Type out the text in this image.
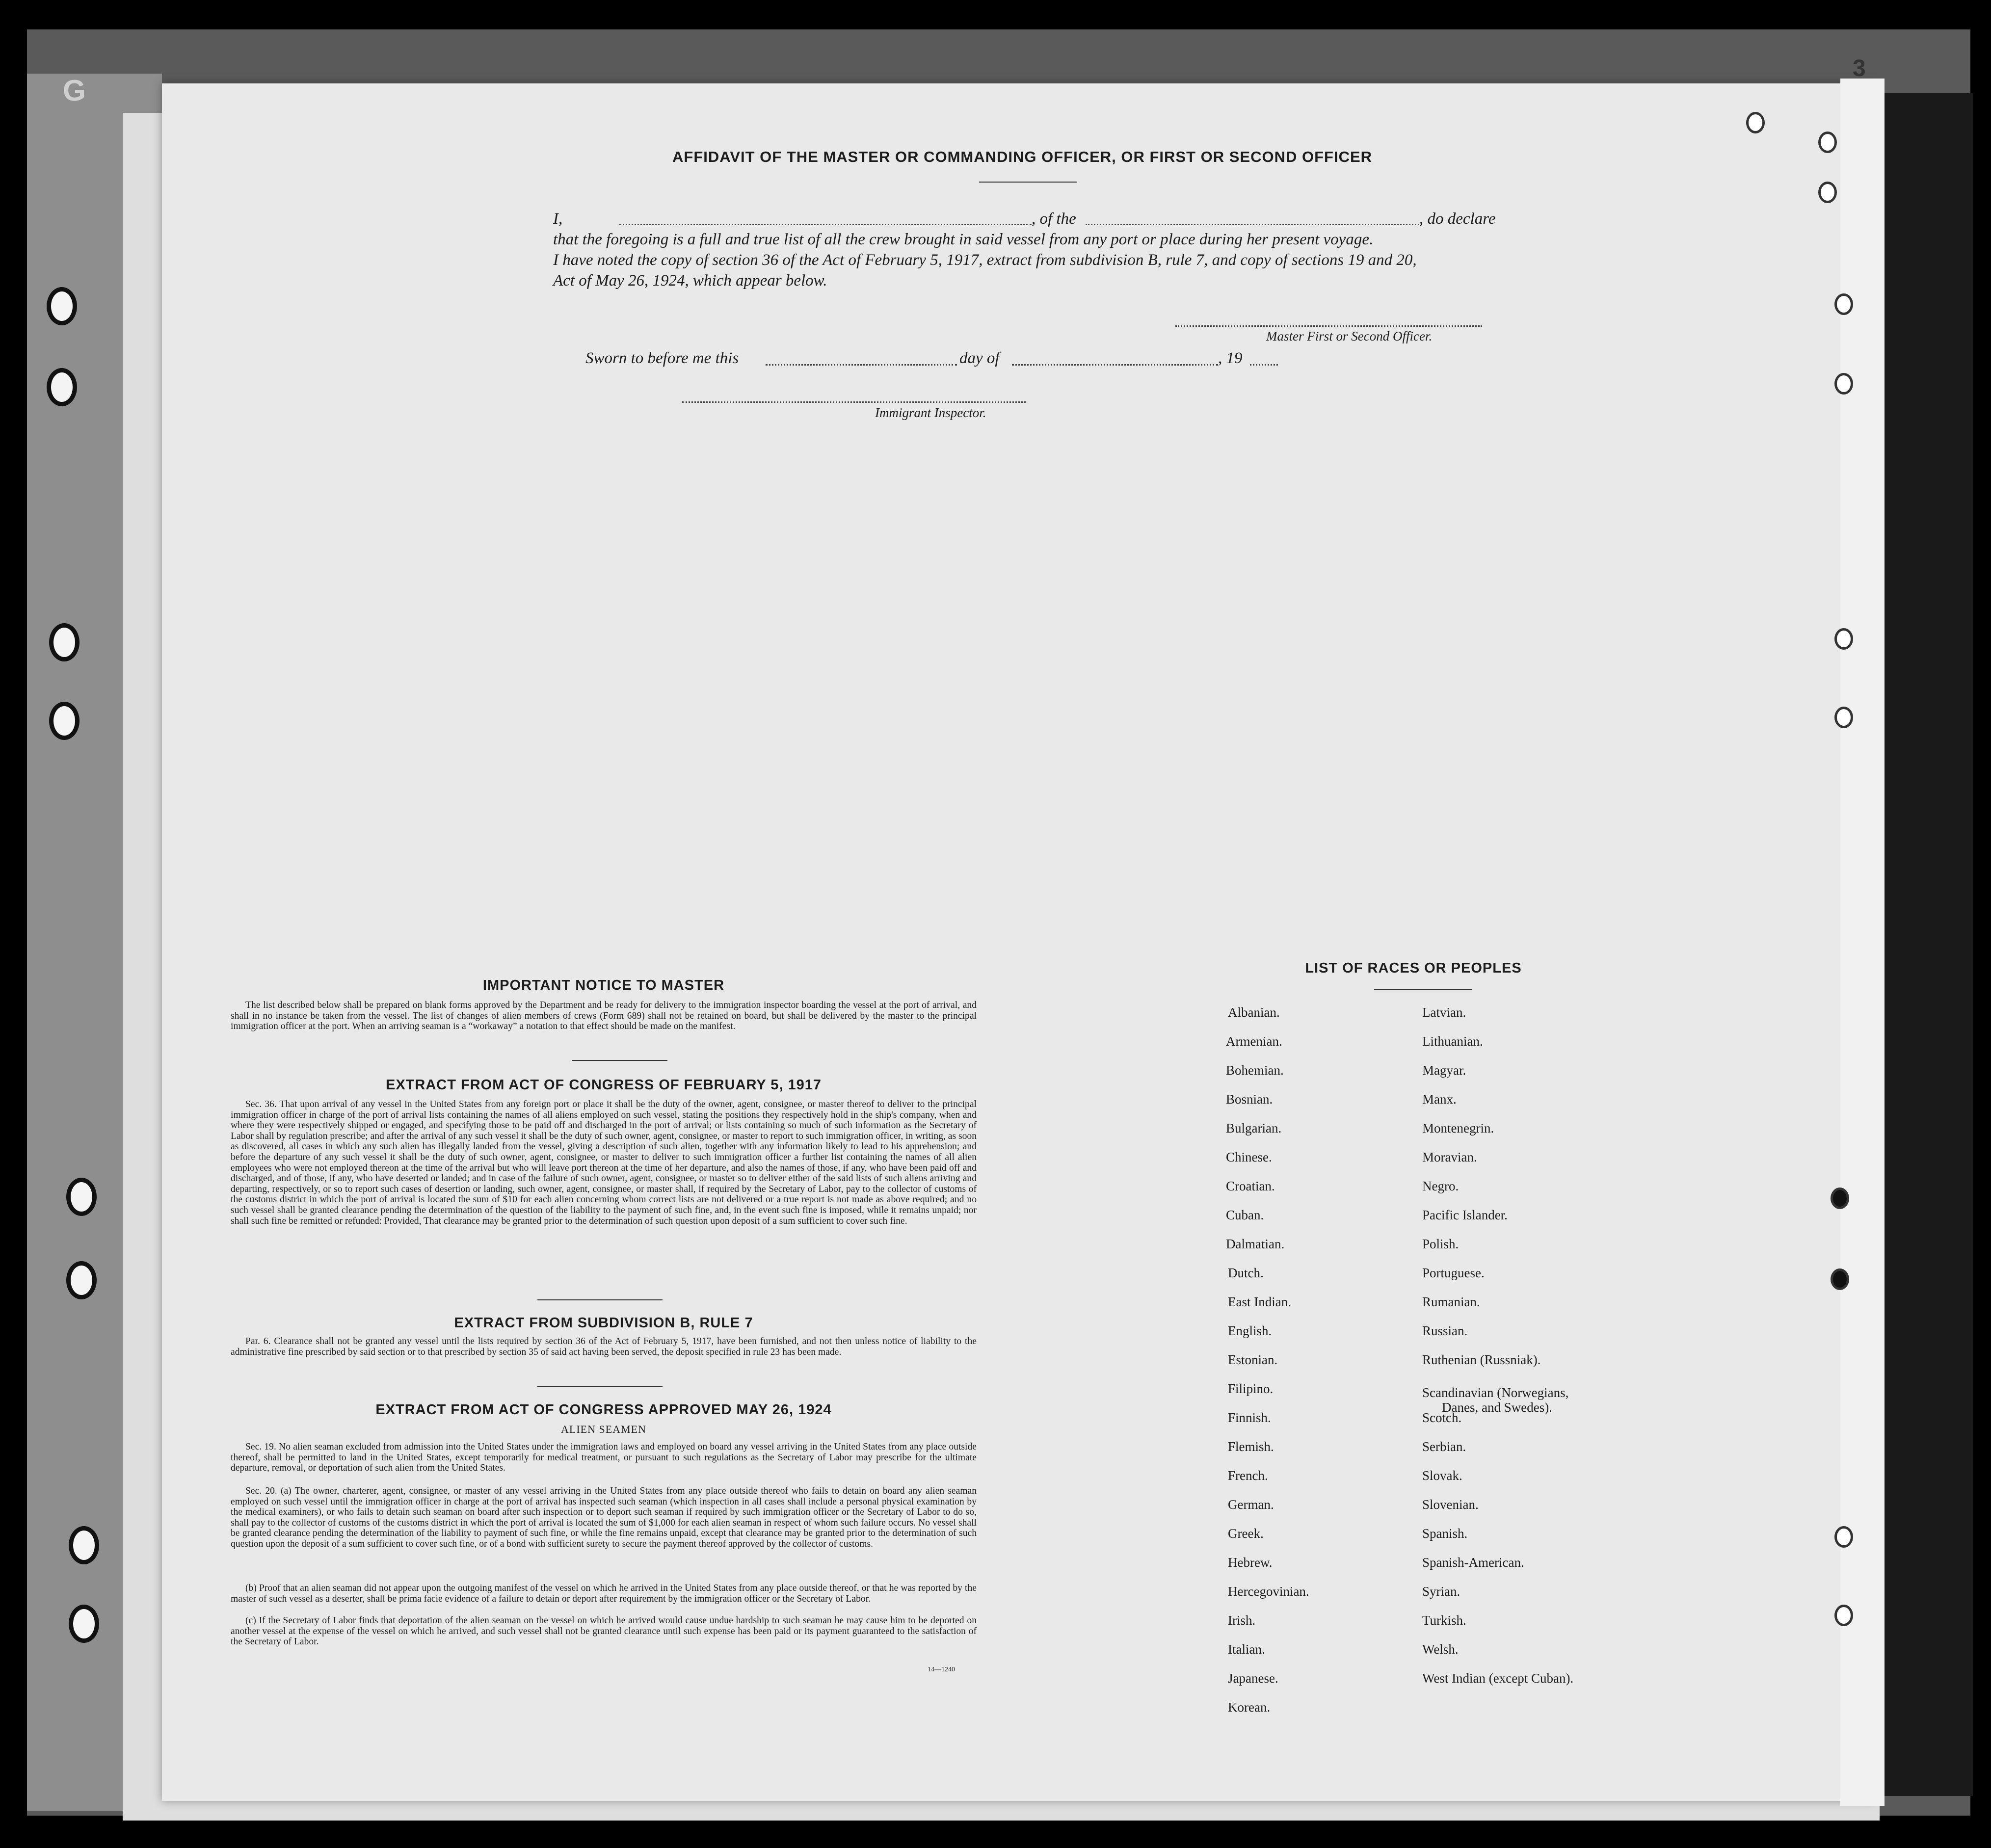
G
3
AFFIDAVIT OF THE MASTER OR COMMANDING OFFICER, OR FIRST OR SECOND OFFICER
I,	, of the	, do declare
that the foregoing is a full and true list of all the crew brought in said vessel from any port or place during her present voyage.
I have noted the copy of section 36 of the Act of February 5, 1917, extract from subdivision B, rule 7, and copy of sections 19 and 20,
Act of May 26, 1924, which appear below.
Master First or Second Officer.
Sworn to before me this	day of	, 19
Immigrant Inspector.
IMPORTANT NOTICE TO MASTER
The list described below shall be prepared on blank forms approved by the Department and be ready for delivery to the immigration inspector boarding the vessel at the port of arrival, and shall in no instance be taken from the vessel. The list of changes of alien members of crews (Form 689) shall not be retained on board, but shall be delivered by the master to the principal immigration officer at the port. When an arriving seaman is a “workaway” a notation to that effect should be made on the manifest.
EXTRACT FROM ACT OF CONGRESS OF FEBRUARY 5, 1917
Sec. 36. That upon arrival of any vessel in the United States from any foreign port or place it shall be the duty of the owner, agent, consignee, or master thereof to deliver to the principal immigration officer in charge of the port of arrival lists containing the names of all aliens employed on such vessel, stating the positions they respectively hold in the ship's company, when and where they were respectively shipped or engaged, and specifying those to be paid off and discharged in the port of arrival; or lists containing so much of such information as the Secretary of Labor shall by regulation prescribe; and after the arrival of any such vessel it shall be the duty of such owner, agent, consignee, or master to report to such immigration officer, in writing, as soon as discovered, all cases in which any such alien has illegally landed from the vessel, giving a description of such alien, together with any information likely to lead to his apprehension; and before the departure of any such vessel it shall be the duty of such owner, agent, consignee, or master to deliver to such immigration officer a further list containing the names of all alien employees who were not employed thereon at the time of the arrival but who will leave port thereon at the time of her departure, and also the names of those, if any, who have been paid off and discharged, and of those, if any, who have deserted or landed; and in case of the failure of such owner, agent, consignee, or master so to deliver either of the said lists of such aliens arriving and departing, respectively, or so to report such cases of desertion or landing, such owner, agent, consignee, or master shall, if required by the Secretary of Labor, pay to the collector of customs of the customs district in which the port of arrival is located the sum of $10 for each alien concerning whom correct lists are not delivered or a true report is not made as above required; and no such vessel shall be granted clearance pending the determination of the question of the liability to the payment of such fine, and, in the event such fine is imposed, while it remains unpaid; nor shall such fine be remitted or refunded: Provided, That clearance may be granted prior to the determination of such question upon deposit of a sum sufficient to cover such fine.
EXTRACT FROM SUBDIVISION B, RULE 7
Par. 6. Clearance shall not be granted any vessel until the lists required by section 36 of the Act of February 5, 1917, have been furnished, and not then unless notice of liability to the administrative fine prescribed by said section or to that prescribed by section 35 of said act having been served, the deposit specified in rule 23 has been made.
EXTRACT FROM ACT OF CONGRESS APPROVED MAY 26, 1924
ALIEN SEAMEN
Sec. 19. No alien seaman excluded from admission into the United States under the immigration laws and employed on board any vessel arriving in the United States from any place outside thereof, shall be permitted to land in the United States, except temporarily for medical treatment, or pursuant to such regulations as the Secretary of Labor may prescribe for the ultimate departure, removal, or deportation of such alien from the United States.
Sec. 20. (a) The owner, charterer, agent, consignee, or master of any vessel arriving in the United States from any place outside thereof who fails to detain on board any alien seaman employed on such vessel until the immigration officer in charge at the port of arrival has inspected such seaman (which inspection in all cases shall include a personal physical examination by the medical examiners), or who fails to detain such seaman on board after such inspection or to deport such seaman if required by such immigration officer or the Secretary of Labor to do so, shall pay to the collector of customs of the customs district in which the port of arrival is located the sum of $1,000 for each alien seaman in respect of whom such failure occurs. No vessel shall be granted clearance pending the determination of the liability to payment of such fine, or while the fine remains unpaid, except that clearance may be granted prior to the determination of such question upon the deposit of a sum sufficient to cover such fine, or of a bond with sufficient surety to secure the payment thereof approved by the collector of customs.
(b) Proof that an alien seaman did not appear upon the outgoing manifest of the vessel on which he arrived in the United States from any place outside thereof, or that he was reported by the master of such vessel as a deserter, shall be prima facie evidence of a failure to detain or deport after requirement by the immigration officer or the Secretary of Labor.
(c) If the Secretary of Labor finds that deportation of the alien seaman on the vessel on which he arrived would cause undue hardship to such seaman he may cause him to be deported on another vessel at the expense of the vessel on which he arrived, and such vessel shall not be granted clearance until such expense has been paid or its payment guaranteed to the satisfaction of the Secretary of Labor.
14—1240
LIST OF RACES OR PEOPLES
Albanian.
Armenian.
Bohemian.
Bosnian.
Bulgarian.
Chinese.
Croatian.
Cuban.
Dalmatian.
Dutch.
East Indian.
English.
Estonian.
Filipino.
Finnish.
Flemish.
French.
German.
Greek.
Hebrew.
Hercegovinian.
Irish.
Italian.
Japanese.
Korean.
Latvian.
Lithuanian.
Magyar.
Manx.
Montenegrin.
Moravian.
Negro.
Pacific Islander.
Polish.
Portuguese.
Rumanian.
Russian.
Ruthenian (Russniak).
Scandinavian (Norwegians,
Danes, and Swedes).
Scotch.
Serbian.
Slovak.
Slovenian.
Spanish.
Spanish-American.
Syrian.
Turkish.
Welsh.
West Indian (except Cuban).
